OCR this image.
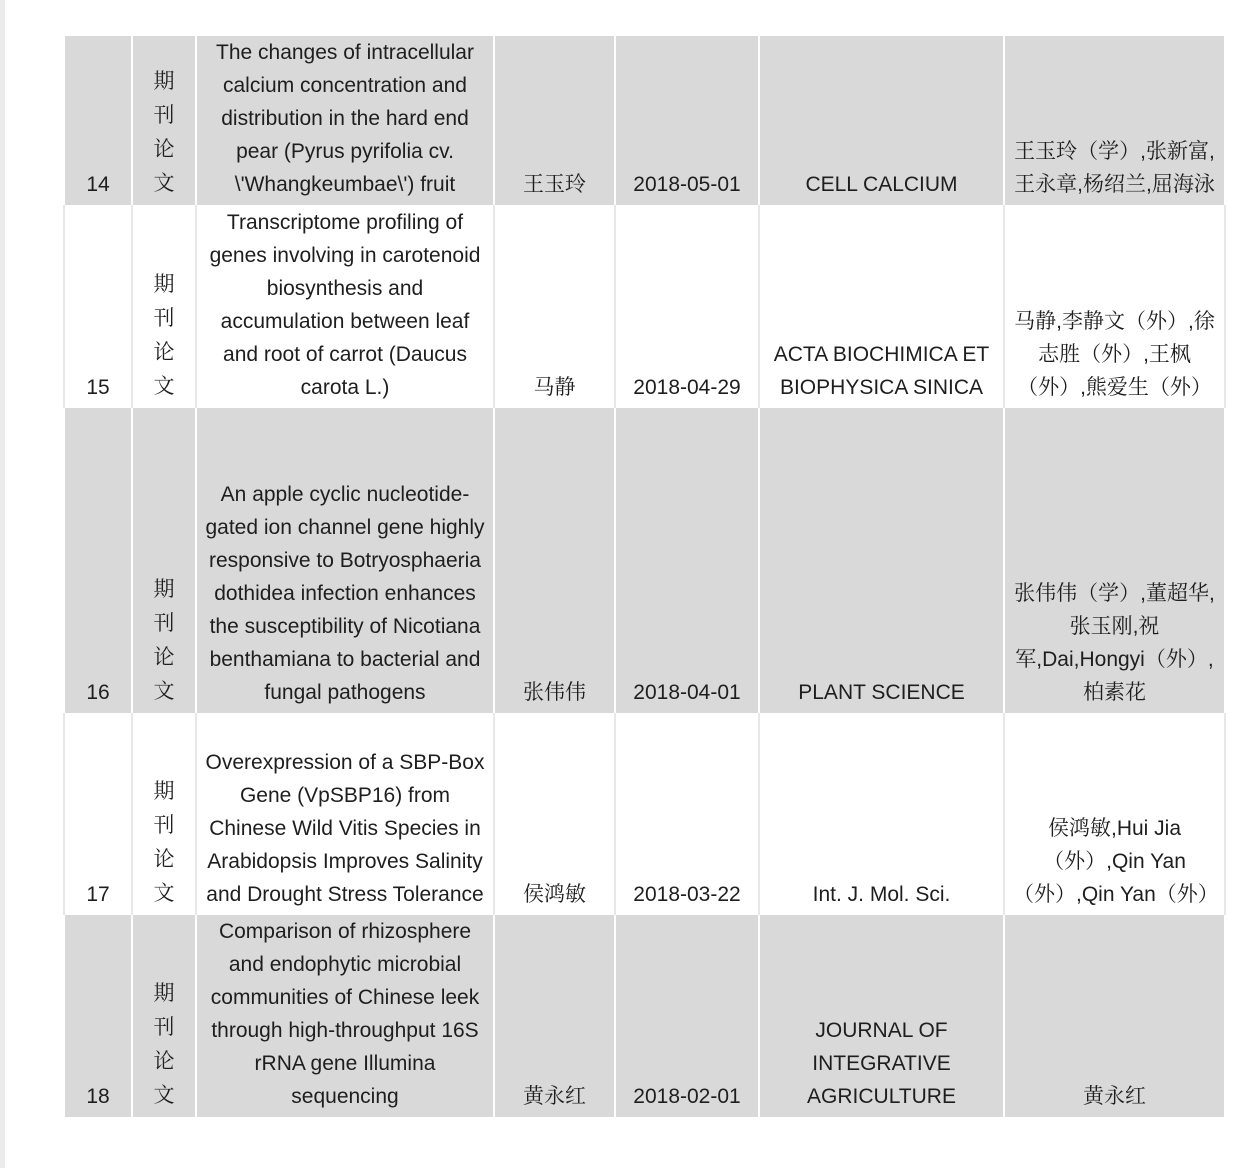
14	期刊论文	The changes of intracellular calcium concentration and distribution in the hard end pear (Pyrus pyrifolia cv. \'Whangkeumbae\') fruit	王玉玲	2018-05-01	CELL CALCIUM	王玉玲（学）,张新富,王永章,杨绍兰,屈海泳
15	期刊论文	Transcriptome profiling of genes involving in carotenoid biosynthesis and accumulation between leaf and root of carrot (Daucus carota L.)	马静	2018-04-29	ACTA BIOCHIMICA ET BIOPHYSICA SINICA	马静,李静文（外）,徐志胜（外）,王枫（外）,熊爱生（外）
16	期刊论文	An apple cyclic nucleotide-gated ion channel gene highly responsive to Botryosphaeria dothidea infection enhances the susceptibility of Nicotiana benthamiana to bacterial and fungal pathogens	张伟伟	2018-04-01	PLANT SCIENCE	张伟伟（学）,董超华,张玉刚,祝军,Dai,Hongyi（外）,柏素花
17	期刊论文	Overexpression of a SBP-Box Gene (VpSBP16) from Chinese Wild Vitis Species in Arabidopsis Improves Salinity and Drought Stress Tolerance	侯鸿敏	2018-03-22	Int. J. Mol. Sci.	侯鸿敏,Hui Jia（外）,Qin Yan（外）,Qin Yan（外）
18	期刊论文	Comparison of rhizosphere and endophytic microbial communities of Chinese leek through high-throughput 16S rRNA gene Illumina sequencing	黄永红	2018-02-01	JOURNAL OF INTEGRATIVE AGRICULTURE	黄永红
